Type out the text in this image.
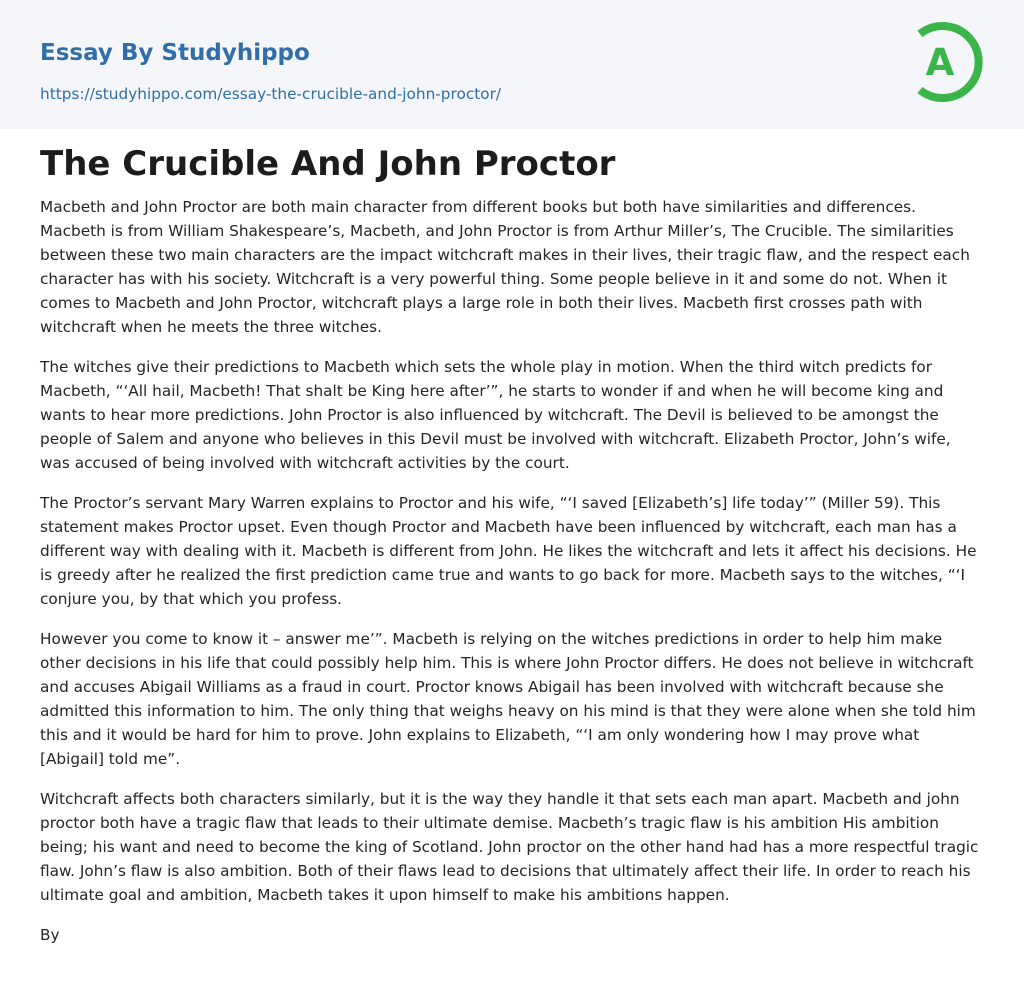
Essay By Studyhippo
https://studyhippo.com/essay-the-crucible-and-john-proctor/
A
The Crucible And John Proctor

Macbeth and John Proctor are both main character from different books but both have similarities and differences. Macbeth is from William Shakespeare’s, Macbeth, and John Proctor is from Arthur Miller’s, The Crucible. The similarities between these two main characters are the impact witchcraft makes in their lives, their tragic flaw, and the respect each character has with his society. Witchcraft is a very powerful thing. Some people believe in it and some do not. When it comes to Macbeth and John Proctor, witchcraft plays a large role in both their lives. Macbeth first crosses path with witchcraft when he meets the three witches.

The witches give their predictions to Macbeth which sets the whole play in motion. When the third witch predicts for Macbeth, “‘All hail, Macbeth! That shalt be King here after’”, he starts to wonder if and when he will become king and wants to hear more predictions. John Proctor is also influenced by witchcraft. The Devil is believed to be amongst the people of Salem and anyone who believes in this Devil must be involved with witchcraft. Elizabeth Proctor, John’s wife, was accused of being involved with witchcraft activities by the court.

The Proctor’s servant Mary Warren explains to Proctor and his wife, “‘I saved [Elizabeth’s] life today’” (Miller 59). This statement makes Proctor upset. Even though Proctor and Macbeth have been influenced by witchcraft, each man has a different way with dealing with it. Macbeth is different from John. He likes the witchcraft and lets it affect his decisions. He is greedy after he realized the first prediction came true and wants to go back for more. Macbeth says to the witches, “‘I conjure you, by that which you profess.

However you come to know it – answer me’”. Macbeth is relying on the witches predictions in order to help him make other decisions in his life that could possibly help him. This is where John Proctor differs. He does not believe in witchcraft and accuses Abigail Williams as a fraud in court. Proctor knows Abigail has been involved with witchcraft because she admitted this information to him. The only thing that weighs heavy on his mind is that they were alone when she told him this and it would be hard for him to prove. John explains to Elizabeth, “‘I am only wondering how I may prove what [Abigail] told me”.

Witchcraft affects both characters similarly, but it is the way they handle it that sets each man apart. Macbeth and john proctor both have a tragic flaw that leads to their ultimate demise. Macbeth’s tragic flaw is his ambition His ambition being; his want and need to become the king of Scotland. John proctor on the other hand had has a more respectful tragic flaw. John’s flaw is also ambition. Both of their flaws lead to decisions that ultimately affect their life. In order to reach his ultimate goal and ambition, Macbeth takes it upon himself to make his ambitions happen.

By
